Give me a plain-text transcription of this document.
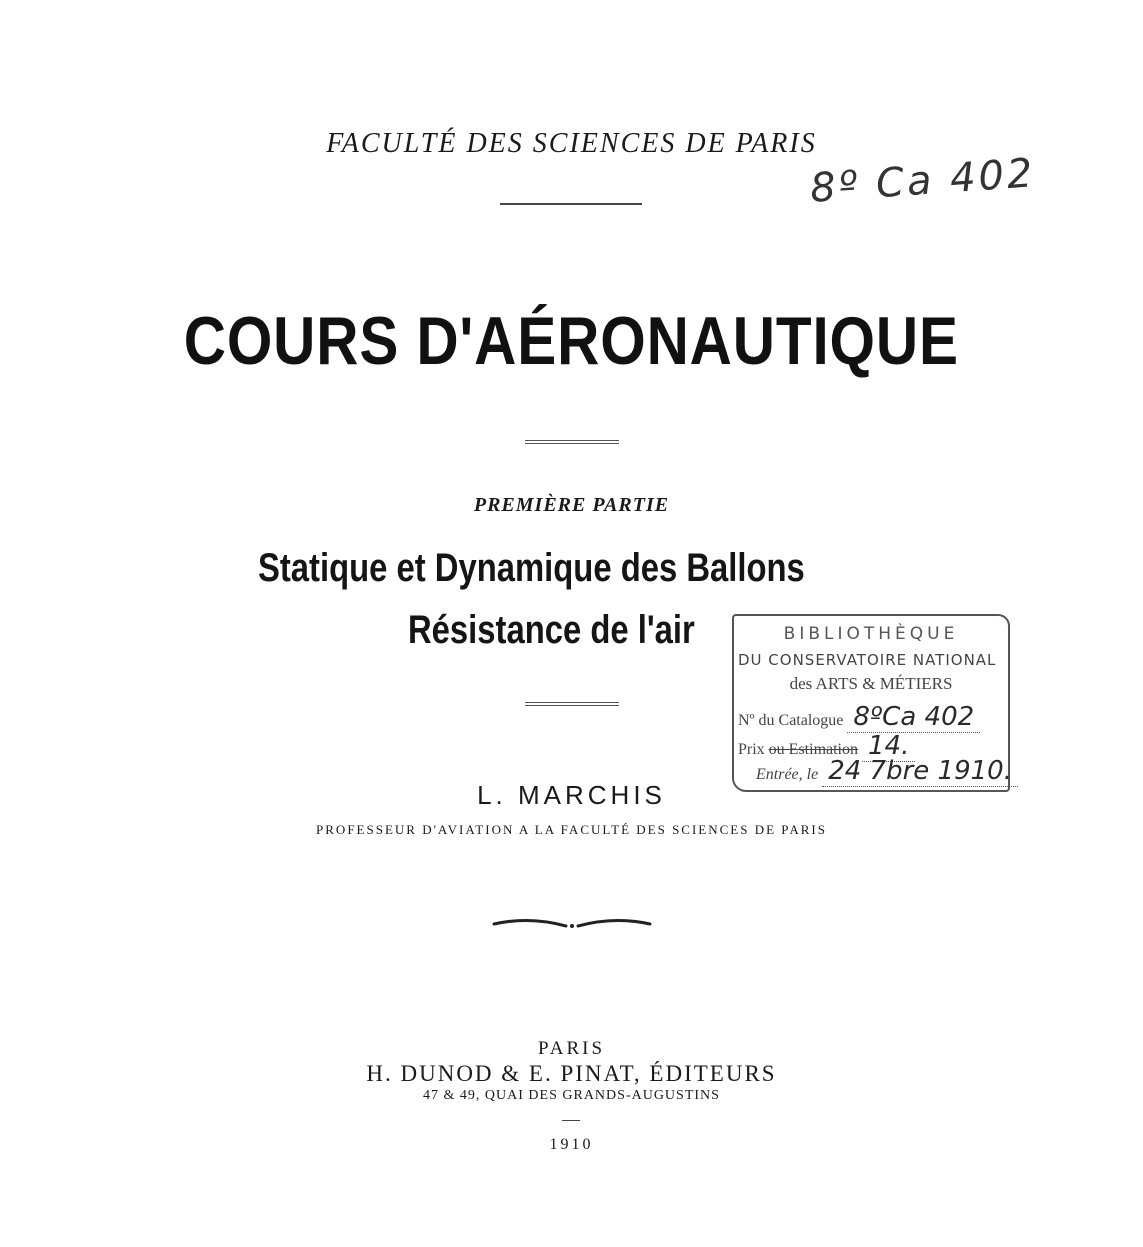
FACULTÉ DES SCIENCES DE PARIS
8º Ca 402
COURS D'AÉRONAUTIQUE
PREMIÈRE PARTIE
Statique et Dynamique des Ballons
Résistance de l'air	BIBLIOTHÈQUE
DU CONSERVATOIRE NATIONAL
des ARTS & MÉTIERS
Nº du Catalogue 8ºCa 402
Prix ou Estimation 14.
Entrée, le 24 7bre 1910.
L. MARCHIS
PROFESSEUR D'AVIATION A LA FACULTÉ DES SCIENCES DE PARIS
PARIS
H. DUNOD & E. PINAT, ÉDITEURS
47 & 49, QUAI DES GRANDS-AUGUSTINS
1910
